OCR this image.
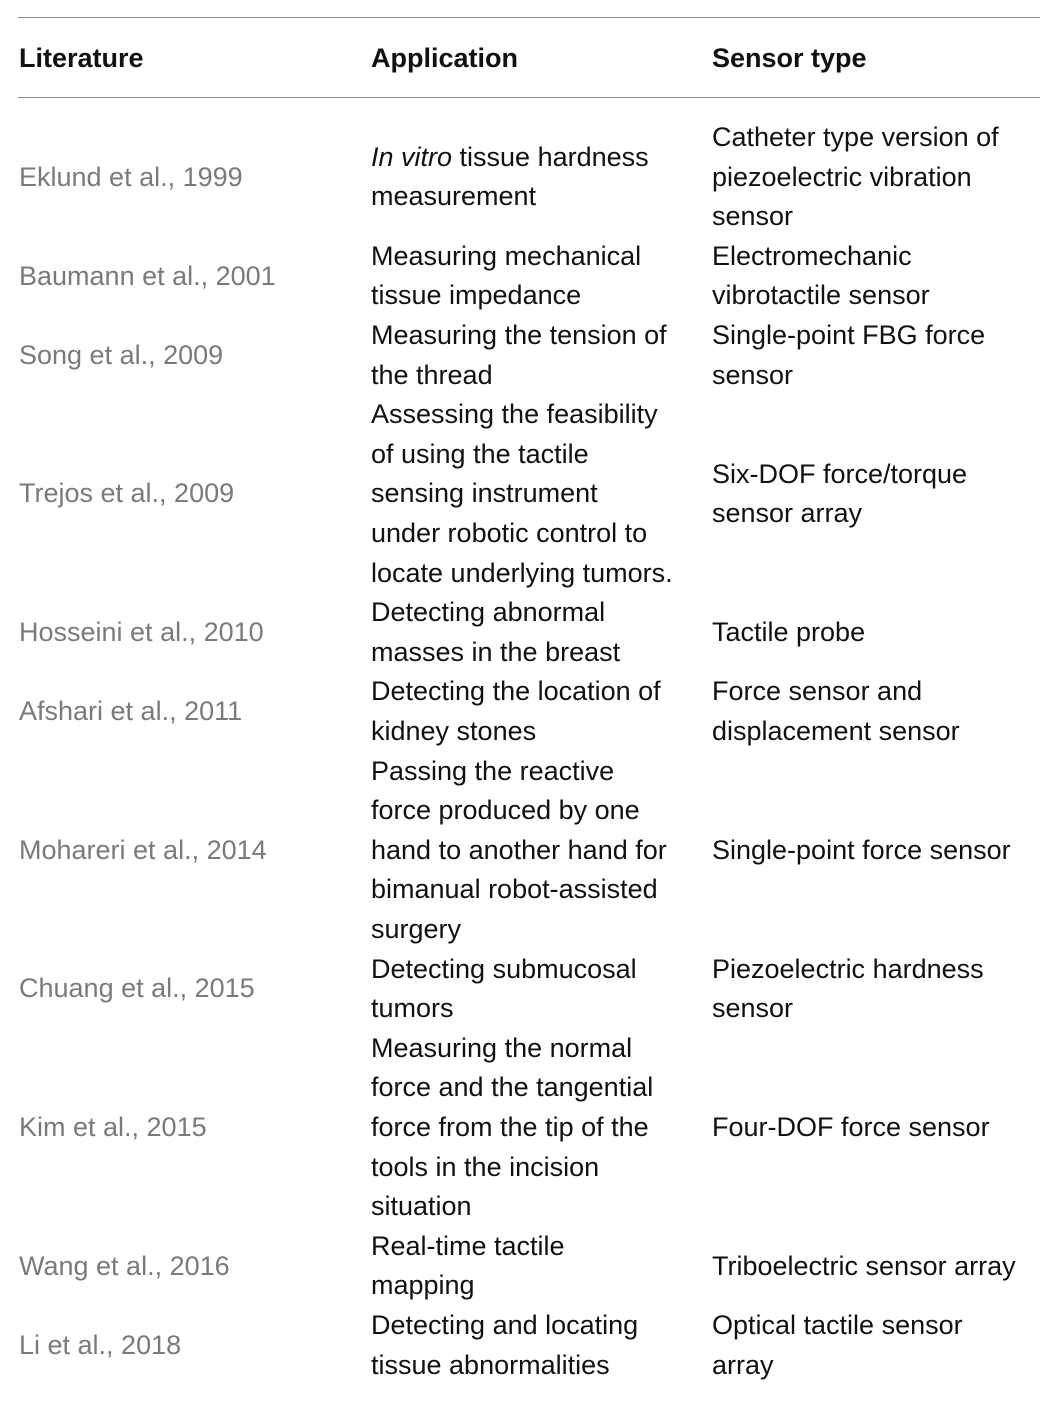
Literature	Application	Sensor type
Eklund et al., 1999
In vitro tissue hardness
measurement
Catheter type version of
piezoelectric vibration
sensor
Baumann et al., 2001
Measuring mechanical
tissue impedance
Electromechanic
vibrotactile sensor
Song et al., 2009
Measuring the tension of
the thread
Single-point FBG force
sensor
Trejos et al., 2009
Assessing the feasibility
of using the tactile
sensing instrument
under robotic control to
locate underlying tumors.
Six-DOF force/torque
sensor array
Hosseini et al., 2010
Detecting abnormal
masses in the breast
Tactile probe
Afshari et al., 2011
Detecting the location of
kidney stones
Force sensor and
displacement sensor
Mohareri et al., 2014
Passing the reactive
force produced by one
hand to another hand for
bimanual robot-assisted
surgery
Single-point force sensor
Chuang et al., 2015
Detecting submucosal
tumors
Piezoelectric hardness
sensor
Kim et al., 2015
Measuring the normal
force and the tangential
force from the tip of the
tools in the incision
situation
Four-DOF force sensor
Wang et al., 2016
Real-time tactile
mapping
Triboelectric sensor array
Li et al., 2018
Detecting and locating
tissue abnormalities
Optical tactile sensor
array
